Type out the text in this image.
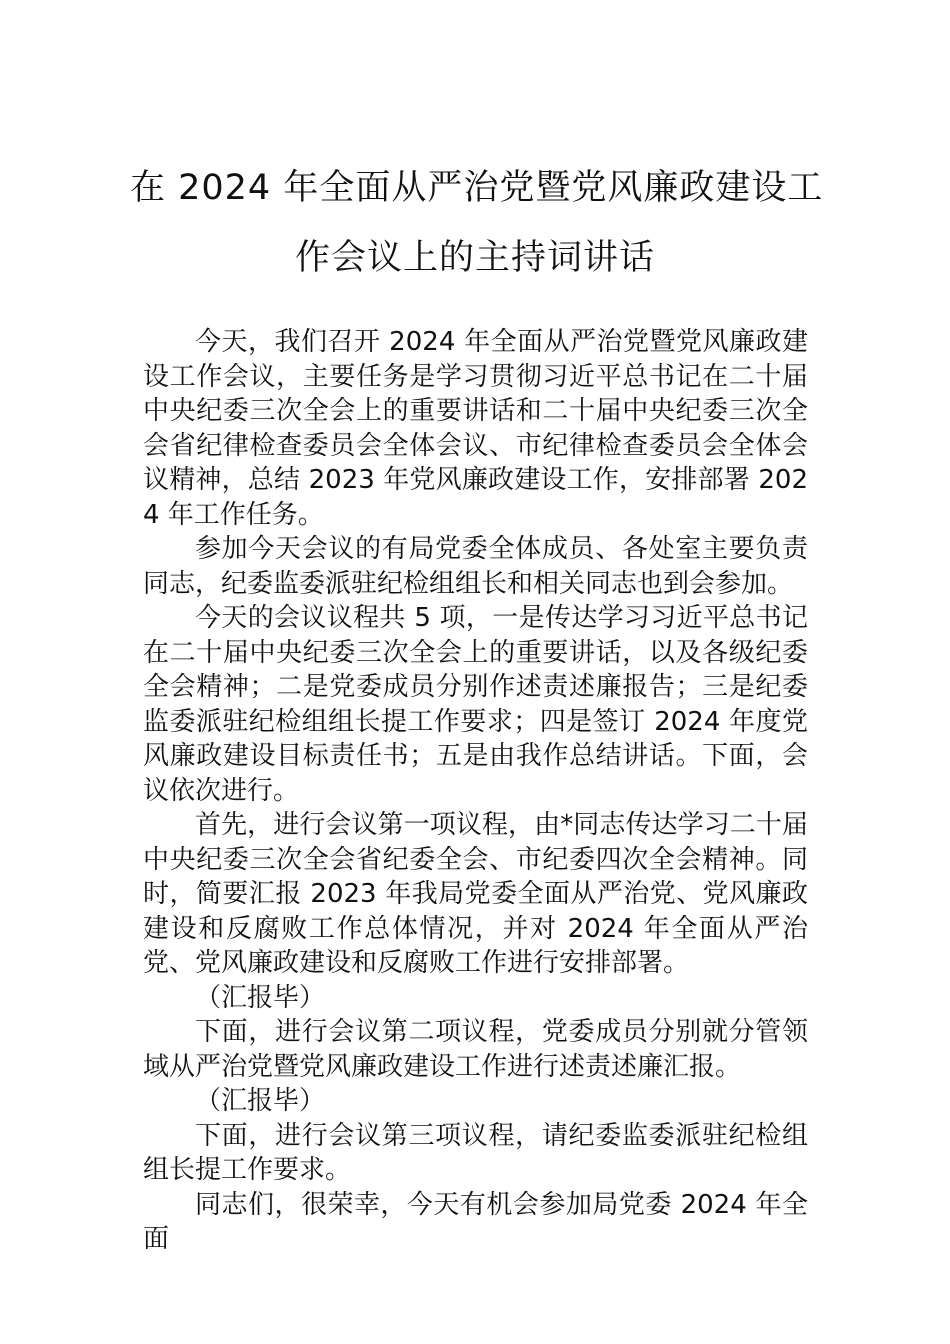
在 2024 年全面从严治党暨党风廉政建设工
作会议上的主持词讲话

今天，我们召开 2024 年全面从严治党暨党风廉政建设工作会议，主要任务是学习贯彻习近平总书记在二十届中央纪委三次全会上的重要讲话和二十届中央纪委三次全会省纪律检查委员会全体会议、市纪律检查委员会全体会议精神，总结 2023 年党风廉政建设工作，安排部署 2024 年工作任务。

参加今天会议的有局党委全体成员、各处室主要负责同志，纪委监委派驻纪检组组长和相关同志也到会参加。

今天的会议议程共 5 项，一是传达学习习近平总书记在二十届中央纪委三次全会上的重要讲话，以及各级纪委全会精神；二是党委成员分别作述责述廉报告；三是纪委监委派驻纪检组组长提工作要求；四是签订 2024 年度党风廉政建设目标责任书；五是由我作总结讲话。下面，会议依次进行。

首先，进行会议第一项议程，由*同志传达学习二十届中央纪委三次全会省纪委全会、市纪委四次全会精神。同时，简要汇报 2023 年我局党委全面从严治党、党风廉政建设和反腐败工作总体情况，并对 2024 年全面从严治党、党风廉政建设和反腐败工作进行安排部署。

（汇报毕）

下面，进行会议第二项议程，党委成员分别就分管领域从严治党暨党风廉政建设工作进行述责述廉汇报。

（汇报毕）

下面，进行会议第三项议程，请纪委监委派驻纪检组组长提工作要求。

同志们，很荣幸，今天有机会参加局党委 2024 年全面
